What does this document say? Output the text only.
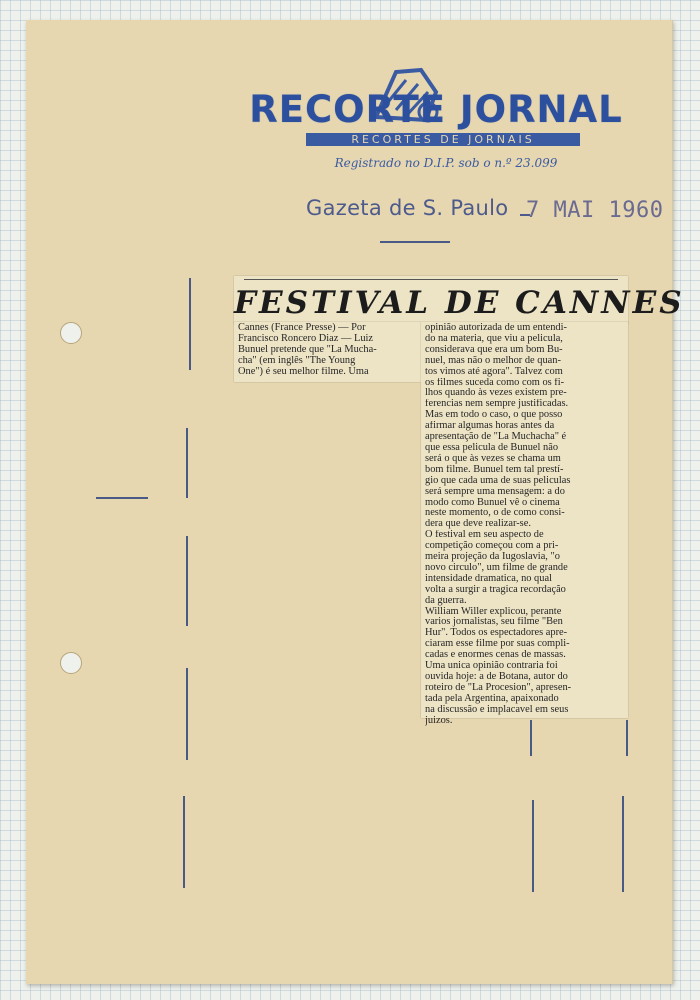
RECORTE JORNAL
RECORTES DE JORNAIS
Registrado no D.I.P. sob o n.º 23.099
Gazeta de S. Paulo 7 MAI 1960
FESTIVAL DE CANNES
Cannes (France Presse) — Por
Francisco Roncero Diaz — Luiz
Bunuel pretende que "La Mucha-
cha" (em inglês "The Young
One") é seu melhor filme. Uma
opinião autorizada de um entendi-
do na materia, que viu a pelicula,
considerava que era um bom Bu-
nuel, mas não o melhor de quan-
tos vimos até agora". Talvez com
os filmes suceda como com os fi-
lhos quando às vezes existem pre-
ferencias nem sempre justificadas.
Mas em todo o caso, o que posso
afirmar algumas horas antes da
apresentação de "La Muchacha" é
que essa pelicula de Bunuel não
será o que às vezes se chama um
bom filme. Bunuel tem tal prestí-
gio que cada uma de suas peliculas
será sempre uma mensagem: a do
modo como Bunuel vê o cinema
neste momento, o de como consi-
dera que deve realizar-se.
O festival em seu aspecto de
competição começou com a pri-
meira projeção da Iugoslavia, "o
novo circulo", um filme de grande
intensidade dramatica, no qual
volta a surgir a tragica recordação
da guerra.
William Willer explicou, perante
varios jornalistas, seu filme "Ben
Hur". Todos os espectadores apre-
ciaram esse filme por suas compli-
cadas e enormes cenas de massas.
Uma unica opinião contraria foi
ouvida hoje: a de Botana, autor do
roteiro de "La Procesion", apresen-
tada pela Argentina, apaixonado
na discussão e implacavel em seus
juizos.
